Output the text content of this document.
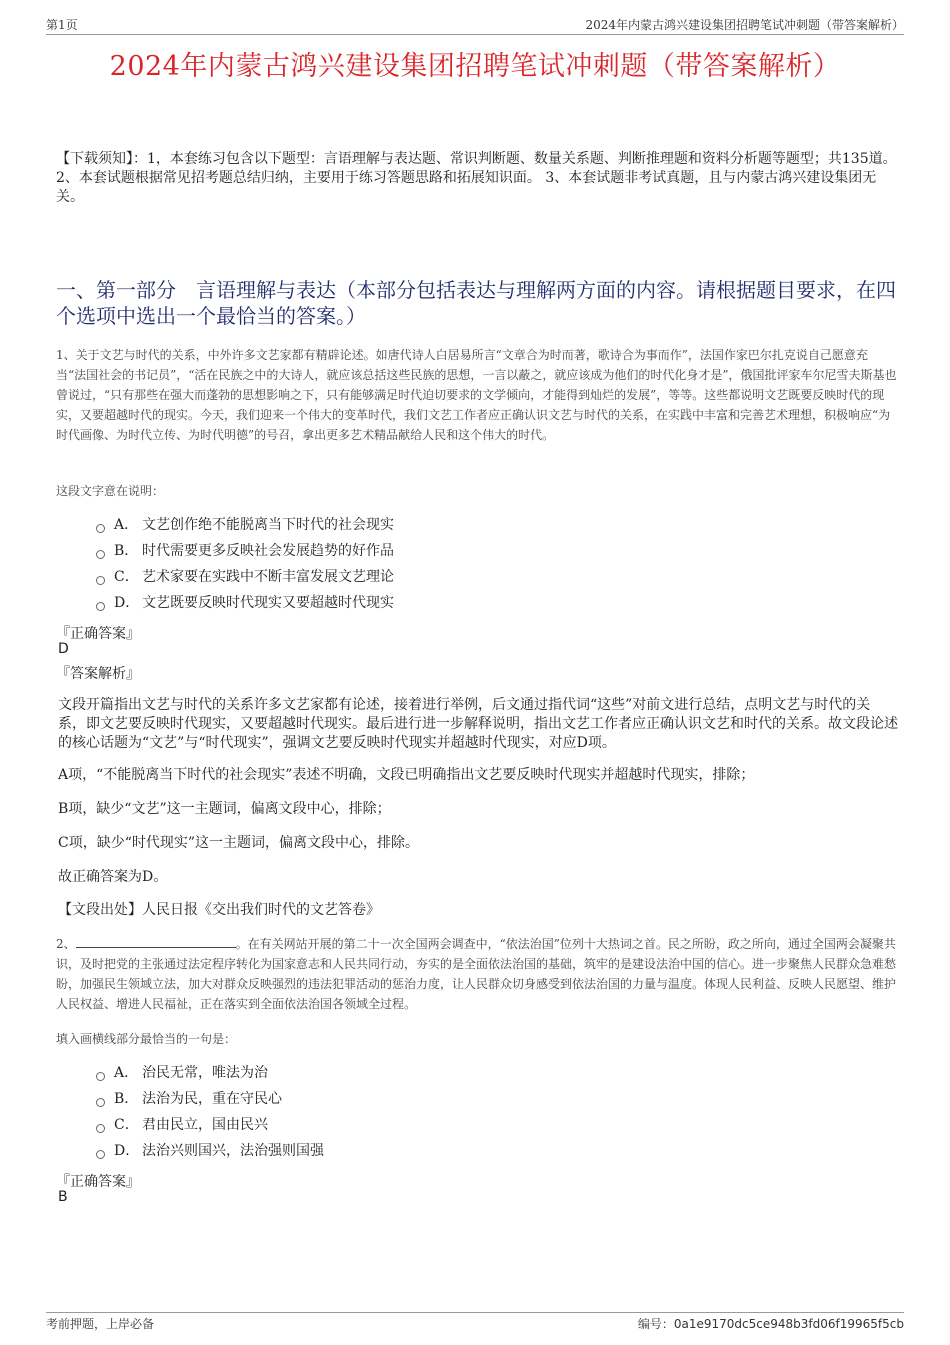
第1页	2024年内蒙古鸿兴建设集团招聘笔试冲刺题（带答案解析）
2024年内蒙古鸿兴建设集团招聘笔试冲刺题（带答案解析）
【下载须知】：1，本套练习包含以下题型：言语理解与表达题、常识判断题、数量关系题、判断推理题和资料分析题等题型；共135道。 2、本套试题根据常见招考题总结归纳，主要用于练习答题思路和拓展知识面。 3、本套试题非考试真题，且与内蒙古鸿兴建设集团无关。
一、第一部分　言语理解与表达（本部分包括表达与理解两方面的内容。请根据题目要求，在四个选项中选出一个最恰当的答案。）
1、关于文艺与时代的关系，中外许多文艺家都有精辟论述。如唐代诗人白居易所言“文章合为时而著，歌诗合为事而作”，法国作家巴尔扎克说自己愿意充当“法国社会的书记员”，“活在民族之中的大诗人，就应该总括这些民族的思想，一言以蔽之，就应该成为他们的时代化身才是”，俄国批评家车尔尼雪夫斯基也曾说过，“只有那些在强大而蓬勃的思想影响之下，只有能够满足时代迫切要求的文学倾向，才能得到灿烂的发展”，等等。这些都说明文艺既要反映时代的现实，又要超越时代的现实。今天，我们迎来一个伟大的变革时代，我们文艺工作者应正确认识文艺与时代的关系，在实践中丰富和完善艺术理想，积极响应“为时代画像、为时代立传、为时代明德”的号召，拿出更多艺术精品献给人民和这个伟大的时代。
这段文字意在说明：
A． 文艺创作绝不能脱离当下时代的社会现实
B． 时代需要更多反映社会发展趋势的好作品
C． 艺术家要在实践中不断丰富发展文艺理论
D． 文艺既要反映时代现实又要超越时代现实
『正确答案』
D
『答案解析』
文段开篇指出文艺与时代的关系许多文艺家都有论述，接着进行举例，后文通过指代词“这些”对前文进行总结，点明文艺与时代的关系，即文艺要反映时代现实，又要超越时代现实。最后进行进一步解释说明，指出文艺工作者应正确认识文艺和时代的关系。故文段论述的核心话题为“文艺”与“时代现实”，强调文艺要反映时代现实并超越时代现实，对应D项。
A项，“不能脱离当下时代的社会现实”表述不明确，文段已明确指出文艺要反映时代现实并超越时代现实，排除；
B项，缺少“文艺”这一主题词，偏离文段中心，排除；
C项，缺少“时代现实”这一主题词，偏离文段中心，排除。
故正确答案为D。
【文段出处】人民日报《交出我们时代的文艺答卷》
2、	。在有关网站开展的第二十一次全国两会调查中，“依法治国”位列十大热词之首。民之所盼，政之所向，通过全国两会凝聚共识，及时把党的主张通过法定程序转化为国家意志和人民共同行动，夯实的是全面依法治国的基础，筑牢的是建设法治中国的信心。进一步聚焦人民群众急难愁盼，加强民生领域立法，加大对群众反映强烈的违法犯罪活动的惩治力度，让人民群众切身感受到依法治国的力量与温度。体现人民利益、反映人民愿望、维护人民权益、增进人民福祉，正在落实到全面依法治国各领域全过程。
填入画横线部分最恰当的一句是：
A． 治民无常，唯法为治
B． 法治为民，重在守民心
C． 君由民立，国由民兴
D． 法治兴则国兴，法治强则国强
『正确答案』
B
考前押题，上岸必备	编号：0a1e9170dc5ce948b3fd06f19965f5cb
